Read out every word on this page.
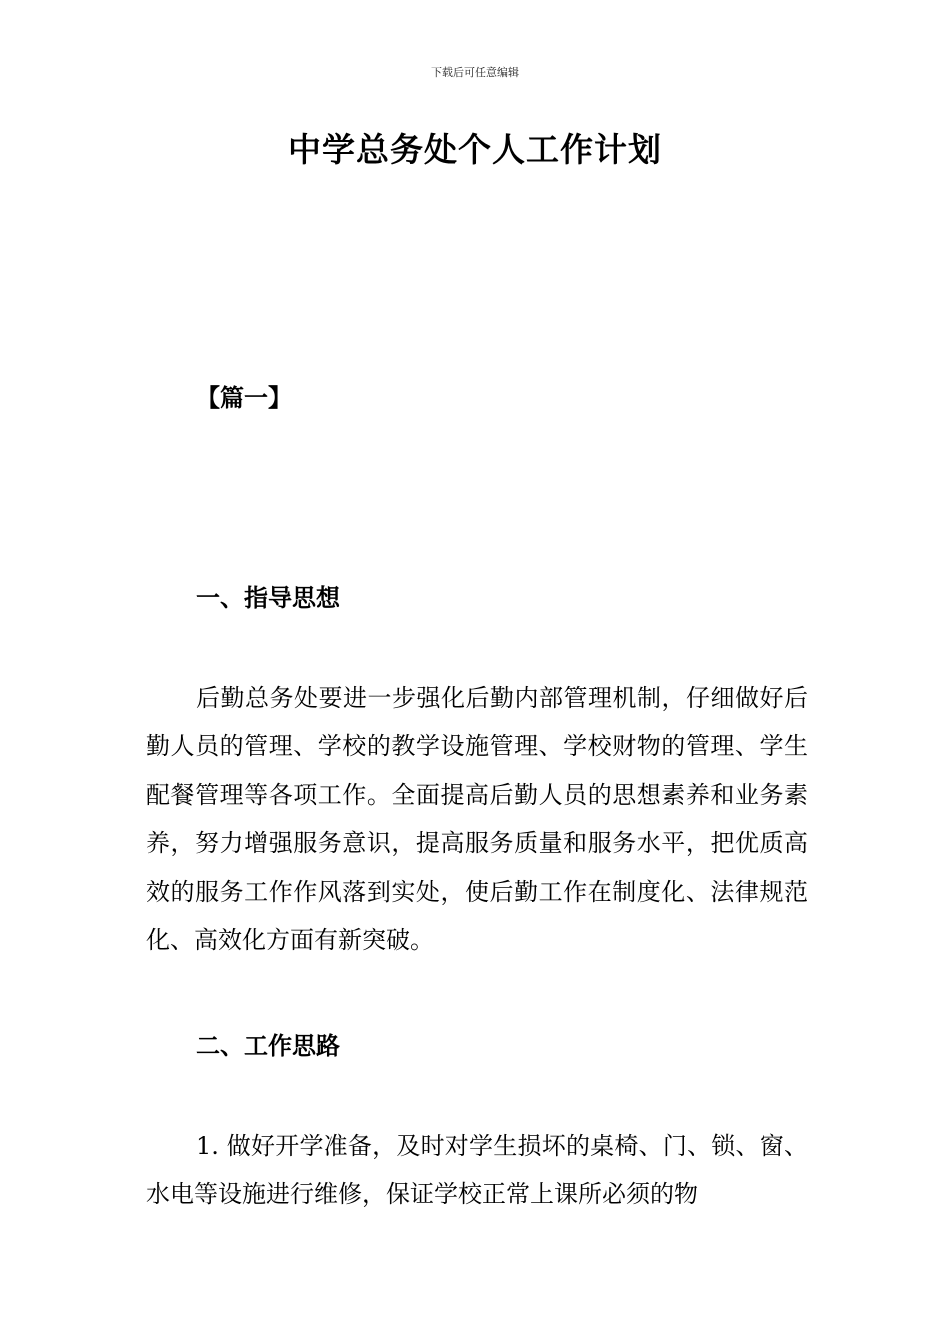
下载后可任意编辑
中学总务处个人工作计划
【篇一】
一、指导思想

后勤总务处要进一步强化后勤内部管理机制，仔细做好后勤人员的管理、学校的教学设施管理、学校财物的管理、学生配餐管理等各项工作。全面提高后勤人员的思想素养和业务素养，努力增强服务意识，提高服务质量和服务水平，把优质高效的服务工作作风落到实处，使后勤工作在制度化、法律规范化、高效化方面有新突破。

二、工作思路

1. 做好开学准备，及时对学生损坏的桌椅、门、锁、窗、水电等设施进行维修，保证学校正常上课所必须的物
